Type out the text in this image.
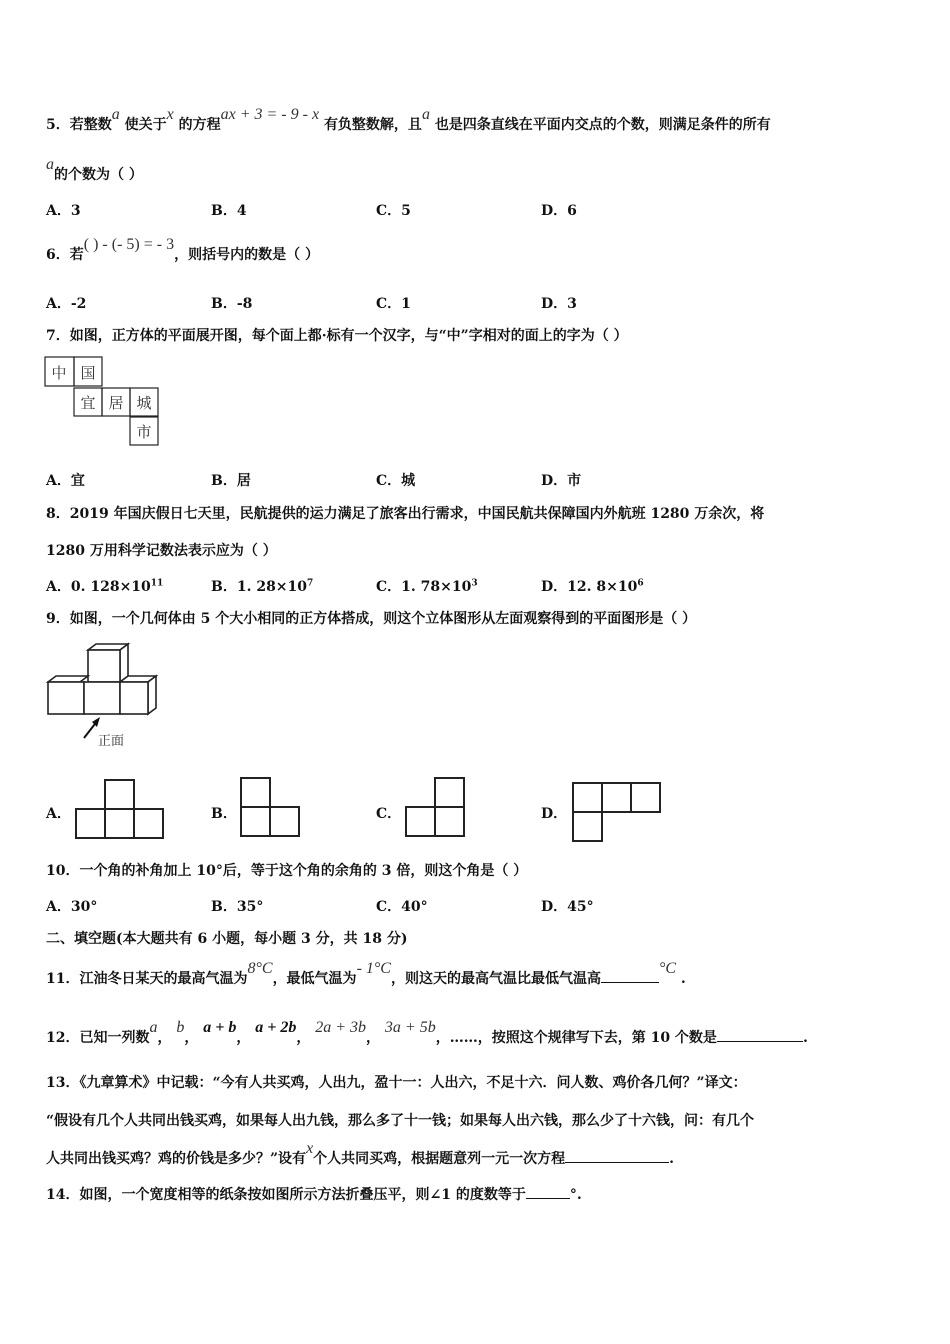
5．若整数a 使关于x 的方程ax + 3 = - 9 - x 有负整数解，且a 也是四条直线在平面内交点的个数，则满足条件的所有
a的个数为（ ）
A．3	B．4	C．5	D．6
6．若( ) - (- 5) = - 3，则括号内的数是（ ）
A．-2	B．-8	C．1	D．3
7．如图，正方体的平面展开图，每个面上都·标有一个汉字，与“中”字相对的面上的字为（ ）
中 国
宜 居 城
市
A．宜	B．居	C．城	D．市
8．2019 年国庆假日七天里，民航提供的运力满足了旅客出行需求，中国民航共保障国内外航班 1280 万余次，将
1280 万用科学记数法表示应为（ ）
A．0. $128\times 10^{11}$	B．1. $28\times 10^7$	C．1. $78\times 10^3$	D．12. $8\times 10^6$
9．如图，一个几何体由 5 个大小相同的正方体搭成，则这个立体图形从左面观察得到的平面图形是（ ）
正面
A．	B．	C．	D．
10．一个角的补角加上 10°后，等于这个角的余角的 3 倍，则这个角是（ ）
A．30°	B．35°	C．40°	D．45°
二、填空题(本大题共有 6 小题，每小题 3 分，共 18 分)
11．江油冬日某天的最高气温为8°C，最低气温为- 1°C，则这天的最高气温比最低气温高°C .
12．已知一列数a， b， a + b， a + 2b， 2a + 3b， 3a + 5b，……，按照这个规律写下去，第 10 个数是	.
13．《九章算术》中记载：“今有人共买鸡，人出九，盈十一：人出六，不足十六．问人数、鸡价各几何？”译文：
“假设有几个人共同出钱买鸡，如果每人出九钱，那么多了十一钱；如果每人出六钱，那么少了十六钱，问：有几个
人共同出钱买鸡？鸡的价钱是多少？”设有x个人共同买鸡，根据题意列一元一次方程	.
14．如图，一个宽度相等的纸条按如图所示方法折叠压平，则∠1 的度数等于	°.
